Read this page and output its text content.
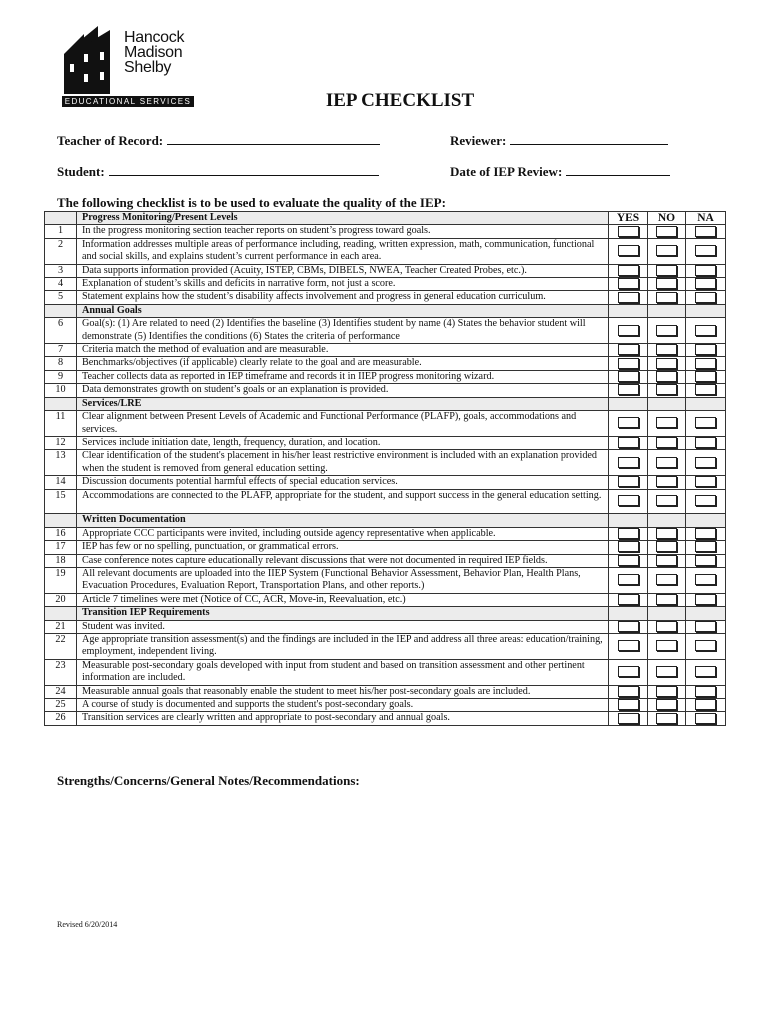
Hancock
Madison
Shelby
EDUCATIONAL SERVICES	IEP CHECKLIST
Teacher of Record:	Reviewer:
Student:	Date of IEP Review:
The following checklist is to be used to evaluate the quality of the IEP:
	Progress Monitoring/Present Levels	YES	NO	NA
1	In the progress monitoring section teacher reports on student’s progress toward goals.			
2	Information addresses multiple areas of performance including, reading, written expression, math, communication, functional and social skills, and explains student’s current performance in each area.			
3	Data supports information provided (Acuity, ISTEP, CBMs, DIBELS, NWEA, Teacher Created Probes, etc.).			
4	Explanation of student’s skills and deficits in narrative form, not just a score.			
5	Statement explains how the student’s disability affects involvement and progress in general education curriculum.			
	Annual Goals			
6	Goal(s): (1) Are related to need (2) Identifies the baseline (3) Identifies student by name (4) States the behavior student will demonstrate (5) Identifies the conditions (6) States the criteria of performance			
7	Criteria match the method of evaluation and are measurable.			
8	Benchmarks/objectives (if applicable) clearly relate to the goal and are measurable.			
9	Teacher collects data as reported in IEP timeframe and records it in IIEP progress monitoring wizard.			
10	Data demonstrates growth on student’s goals or an explanation is provided.			
	Services/LRE			
11	Clear alignment between Present Levels of Academic and Functional Performance (PLAFP), goals, accommodations and services.			
12	Services include initiation date, length, frequency, duration, and location.			
13	Clear identification of the student's placement in his/her least restrictive environment is included with an explanation provided when the student is removed from general education setting.			
14	Discussion documents potential harmful effects of special education services.			
15	Accommodations are connected to the PLAFP, appropriate for the student, and support success in the general education setting.			
	Written Documentation			
16	Appropriate CCC participants were invited, including outside agency representative when applicable.			
17	IEP has few or no spelling, punctuation, or grammatical errors.			
18	Case conference notes capture educationally relevant discussions that were not documented in required IEP fields.			
19	All relevant documents are uploaded into the IIEP System (Functional Behavior Assessment, Behavior Plan, Health Plans, Evacuation Procedures, Evaluation Report, Transportation Plans, and other reports.)			
20	Article 7 timelines were met (Notice of CC, ACR, Move-in, Reevaluation, etc.)			
	Transition IEP Requirements			
21	Student was invited.			
22	Age appropriate transition assessment(s) and the findings are included in the IEP and address all three areas: education/training, employment, independent living.			
23	Measurable post-secondary goals developed with input from student and based on transition assessment and other pertinent information are included.			
24	Measurable annual goals that reasonably enable the student to meet his/her post-secondary goals are included.			
25	A course of study is documented and supports the student's post-secondary goals.			
26	Transition services are clearly written and appropriate to post-secondary and annual goals.			
Strengths/Concerns/General Notes/Recommendations:
Revised 6/20/2014
